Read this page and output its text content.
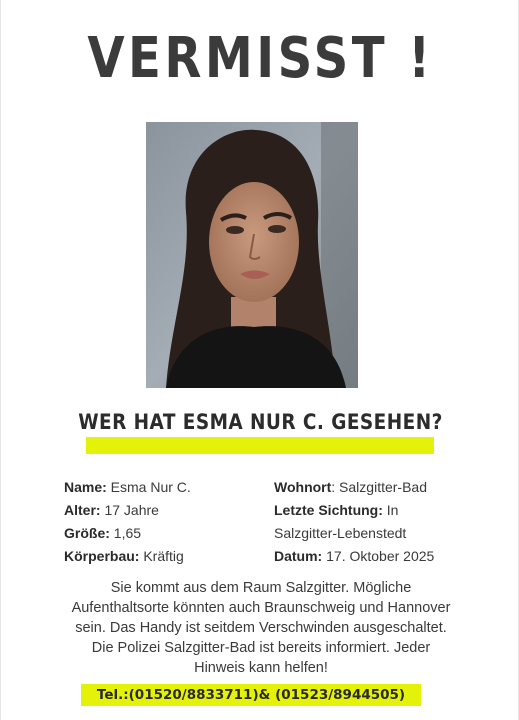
VERMISST !
WER HAT ESMA NUR C. GESEHEN?
Name: Esma Nur C.
Alter: 17 Jahre
Größe: 1,65
Körperbau: Kräftig
Wohnort: Salzgitter-Bad
Letzte Sichtung: In
Salzgitter-Lebenstedt
Datum: 17. Oktober 2025
Sie kommt aus dem Raum Salzgitter. Mögliche
Aufenthaltsorte könnten auch Braunschweig und Hannover
sein. Das Handy ist seitdem Verschwinden ausgeschaltet.
Die Polizei Salzgitter-Bad ist bereits informiert. Jeder
Hinweis kann helfen!
Tel.:(01520/8833711)& (01523/8944505)
